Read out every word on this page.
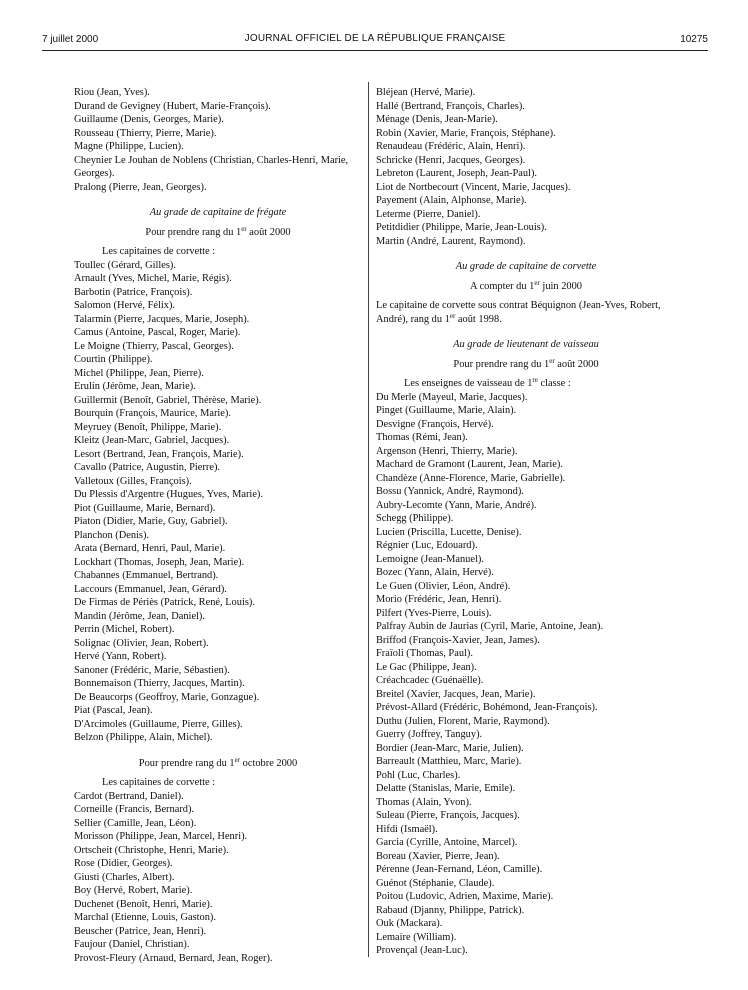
7 juillet 2000	JOURNAL OFFICIEL DE LA RÉPUBLIQUE FRANÇAISE	10275
Riou (Jean, Yves).
Durand de Gevigney (Hubert, Marie-François).
Guillaume (Denis, Georges, Marie).
Rousseau (Thierry, Pierre, Marie).
Magne (Philippe, Lucien).
Cheynier Le Jouhan de Noblens (Christian, Charles-Henri, Marie, Georges).
Pralong (Pierre, Jean, Georges).
Au grade de capitaine de frégate
Pour prendre rang du 1er août 2000
Les capitaines de corvette :
Toullec (Gérard, Gilles).
Arnault (Yves, Michel, Marie, Régis).
Barbotin (Patrice, François).
Salomon (Hervé, Félix).
Talarmin (Pierre, Jacques, Marie, Joseph).
Camus (Antoine, Pascal, Roger, Marie).
Le Moigne (Thierry, Pascal, Georges).
Courtin (Philippe).
Michel (Philippe, Jean, Pierre).
Erulin (Jérôme, Jean, Marie).
Guillermit (Benoît, Gabriel, Thérèse, Marie).
Bourquin (François, Maurice, Marie).
Meyruey (Benoît, Philippe, Marie).
Kleitz (Jean-Marc, Gabriel, Jacques).
Lesort (Bertrand, Jean, François, Marie).
Cavallo (Patrice, Augustin, Pierre).
Valletoux (Gilles, François).
Du Plessis d'Argentre (Hugues, Yves, Marie).
Piot (Guillaume, Marie, Bernard).
Piaton (Didier, Marie, Guy, Gabriel).
Planchon (Denis).
Arata (Bernard, Henri, Paul, Marie).
Lockhart (Thomas, Joseph, Jean, Marie).
Chabannes (Emmanuel, Bertrand).
Laccours (Emmanuel, Jean, Gérard).
De Firmas de Périès (Patrick, René, Louis).
Mandin (Jérôme, Jean, Daniel).
Perrin (Michel, Robert).
Solignac (Olivier, Jean, Robert).
Hervé (Yann, Robert).
Sanoner (Frédéric, Marie, Sébastien).
Bonnemaison (Thierry, Jacques, Martin).
De Beaucorps (Geoffroy, Marie, Gonzague).
Piat (Pascal, Jean).
D'Arcimoles (Guillaume, Pierre, Gilles).
Belzon (Philippe, Alain, Michel).
Pour prendre rang du 1er octobre 2000
Les capitaines de corvette :
Cardot (Bertrand, Daniel).
Corneille (Francis, Bernard).
Sellier (Camille, Jean, Léon).
Morisson (Philippe, Jean, Marcel, Henri).
Ortscheit (Christophe, Henri, Marie).
Rose (Didier, Georges).
Giusti (Charles, Albert).
Boy (Hervé, Robert, Marie).
Duchenet (Benoît, Henri, Marie).
Marchal (Etienne, Louis, Gaston).
Beuscher (Patrice, Jean, Henri).
Faujour (Daniel, Christian).
Provost-Fleury (Arnaud, Bernard, Jean, Roger).
Bléjean (Hervé, Marie).
Hallé (Bertrand, François, Charles).
Ménage (Denis, Jean-Marie).
Robin (Xavier, Marie, François, Stéphane).
Renaudeau (Frédéric, Alain, Henri).
Schricke (Henri, Jacques, Georges).
Lebreton (Laurent, Joseph, Jean-Paul).
Liot de Nortbecourt (Vincent, Marie, Jacques).
Payement (Alain, Alphonse, Marie).
Leterme (Pierre, Daniel).
Petitdidier (Philippe, Marie, Jean-Louis).
Martin (André, Laurent, Raymond).
Au grade de capitaine de corvette
A compter du 1er juin 2000
Le capitaine de corvette sous contrat Béquignon (Jean-Yves, Robert, André), rang du 1er août 1998.
Au grade de lieutenant de vaisseau
Pour prendre rang du 1er août 2000
Les enseignes de vaisseau de 1re classe :
Du Merle (Mayeul, Marie, Jacques).
Pinget (Guillaume, Marie, Alain).
Desvigne (François, Hervé).
Thomas (Rémi, Jean).
Argenson (Henri, Thierry, Marie).
Machard de Gramont (Laurent, Jean, Marie).
Chandèze (Anne-Florence, Marie, Gabrielle).
Bossu (Yannick, André, Raymond).
Aubry-Lecomte (Yann, Marie, André).
Schegg (Philippe).
Lucien (Priscilla, Lucette, Denise).
Régnier (Luc, Edouard).
Lemoigne (Jean-Manuel).
Bozec (Yann, Alain, Hervé).
Le Guen (Olivier, Léon, André).
Morio (Frédéric, Jean, Henri).
Pilfert (Yves-Pierre, Louis).
Palfray Aubin de Jaurias (Cyril, Marie, Antoine, Jean).
Briffod (François-Xavier, Jean, James).
Fraïoli (Thomas, Paul).
Le Gac (Philippe, Jean).
Créachcadec (Guénaëlle).
Breitel (Xavier, Jacques, Jean, Marie).
Prévost-Allard (Frédéric, Bohémond, Jean-François).
Duthu (Julien, Florent, Marie, Raymond).
Guerry (Joffrey, Tanguy).
Bordier (Jean-Marc, Marie, Julien).
Barreault (Matthieu, Marc, Marie).
Pohl (Luc, Charles).
Delatte (Stanislas, Marie, Emile).
Thomas (Alain, Yvon).
Suleau (Pierre, François, Jacques).
Hifdi (Ismaël).
Garcia (Cyrille, Antoine, Marcel).
Boreau (Xavier, Pierre, Jean).
Pérenne (Jean-Fernand, Léon, Camille).
Guénot (Stéphanie, Claude).
Poitou (Ludovic, Adrien, Maxime, Marie).
Rabaud (Djanny, Philippe, Patrick).
Ouk (Mackara).
Lemaire (William).
Provençal (Jean-Luc).
